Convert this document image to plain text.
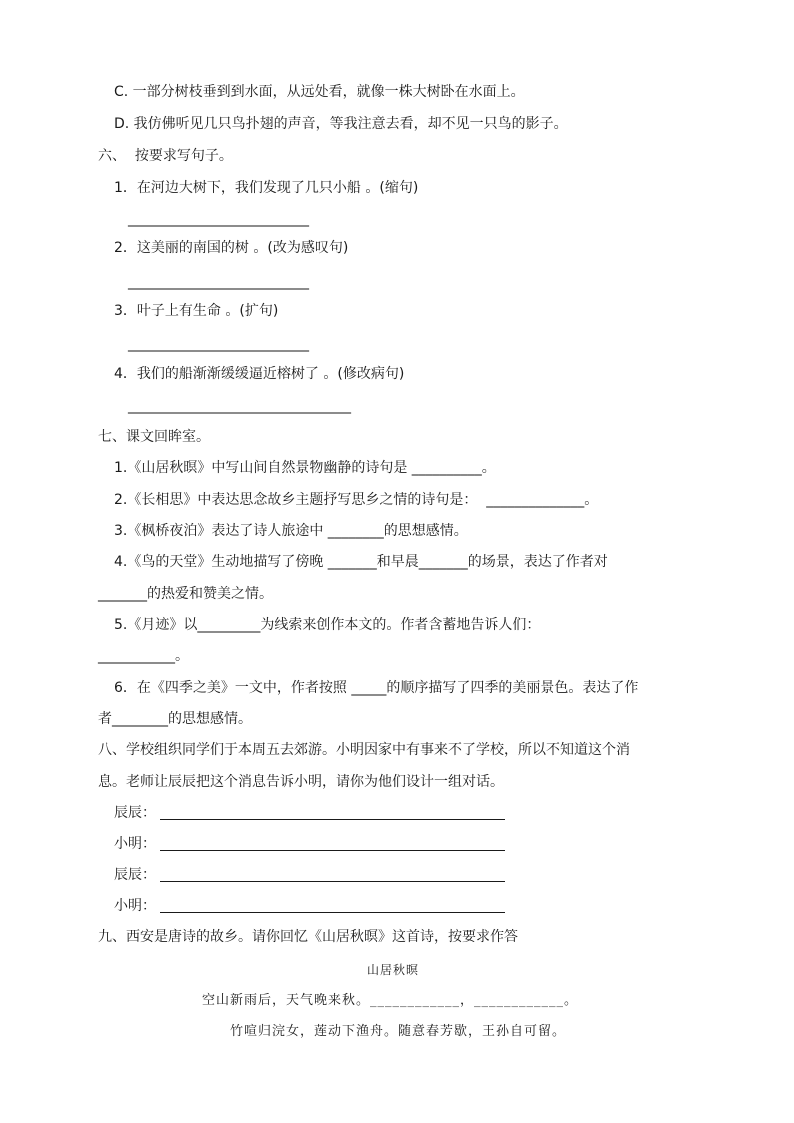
C. 一部分树枝垂到到水面，从远处看，就像一株大树卧在水面上。
D. 我仿佛听见几只鸟扑翅的声音，等我注意去看，却不见一只鸟的影子。
六、  按要求写句子。
1．在河边大树下，我们发现了几只小船 。(缩句)
______________________________
2．这美丽的南国的树 。(改为感叹句)
______________________________
3．叶子上有生命 。(扩句)
______________________________
4．我们的船渐渐缓缓逼近榕树了 。(修改病句)
_____________________________________
七、课文回眸室。
1.《山居秋暝》中写山间自然景物幽静的诗句是 __________。
2.《长相思》中表达思念故乡主题抒写思乡之情的诗句是：  ______________。
3.《枫桥夜泊》表达了诗人旅途中 ________的思想感情。
4.《鸟的天堂》生动地描写了傍晚 _______和早晨_______的场景，表达了作者对
_______的热爱和赞美之情。
5.《月迹》以_________为线索来创作本文的。作者含蓄地告诉人们：
___________。
6．在《四季之美》一文中，作者按照 _____的顺序描写了四季的美丽景色。表达了作
者________的思想感情。
八、学校组织同学们于本周五去郊游。小明因家中有事来不了学校，所以不知道这个消
息。老师让辰辰把这个消息告诉小明，请你为他们设计一组对话。
辰辰：
小明：
辰辰：
小明：
九、西安是唐诗的故乡。请你回忆《山居秋暝》这首诗，按要求作答
山居秋暝
空山新雨后，天气晚来秋。____________，____________。
竹喧归浣女，莲动下渔舟。随意春芳歇，王孙自可留。
